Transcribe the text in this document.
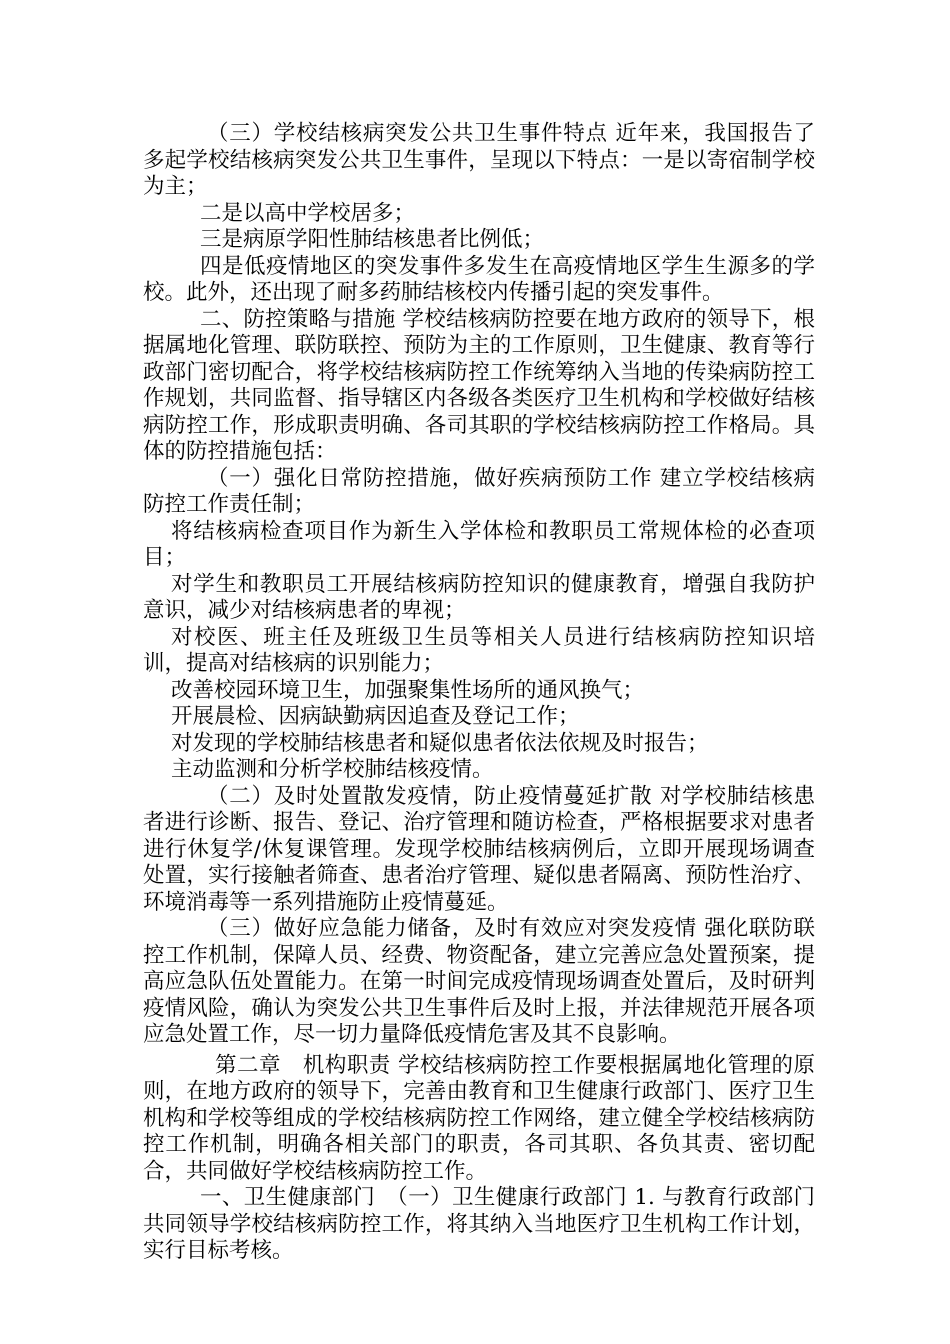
（三）学校结核病突发公共卫生事件特点 近年来，我国报告了多起学校结核病突发公共卫生事件，呈现以下特点：一是以寄宿制学校为主；

二是以高中学校居多；

三是病原学阳性肺结核患者比例低；

四是低疫情地区的突发事件多发生在高疫情地区学生生源多的学校。此外，还出现了耐多药肺结核校内传播引起的突发事件。

二、防控策略与措施 学校结核病防控要在地方政府的领导下，根据属地化管理、联防联控、预防为主的工作原则，卫生健康、教育等行政部门密切配合，将学校结核病防控工作统筹纳入当地的传染病防控工作规划，共同监督、指导辖区内各级各类医疗卫生机构和学校做好结核病防控工作，形成职责明确、各司其职的学校结核病防控工作格局。具体的防控措施包括：

（一）强化日常防控措施，做好疾病预防工作 建立学校结核病防控工作责任制；

将结核病检查项目作为新生入学体检和教职员工常规体检的必查项目；

对学生和教职员工开展结核病防控知识的健康教育，增强自我防护意识，减少对结核病患者的卑视；

对校医、班主任及班级卫生员等相关人员进行结核病防控知识培训，提高对结核病的识别能力；

改善校园环境卫生，加强聚集性场所的通风换气；

开展晨检、因病缺勤病因追查及登记工作；

对发现的学校肺结核患者和疑似患者依法依规及时报告；

主动监测和分析学校肺结核疫情。

（二）及时处置散发疫情，防止疫情蔓延扩散 对学校肺结核患者进行诊断、报告、登记、治疗管理和随访检查，严格根据要求对患者进行休复学/休复课管理。发现学校肺结核病例后，立即开展现场调查处置，实行接触者筛查、患者治疗管理、疑似患者隔离、预防性治疗、环境消毒等一系列措施防止疫情蔓延。

（三）做好应急能力储备，及时有效应对突发疫情 强化联防联控工作机制，保障人员、经费、物资配备，建立完善应急处置预案，提高应急队伍处置能力。在第一时间完成疫情现场调查处置后，及时研判疫情风险，确认为突发公共卫生事件后及时上报，并法律规范开展各项应急处置工作，尽一切力量降低疫情危害及其不良影响。

第二章　机构职责 学校结核病防控工作要根据属地化管理的原则，在地方政府的领导下，完善由教育和卫生健康行政部门、医疗卫生机构和学校等组成的学校结核病防控工作网络，建立健全学校结核病防控工作机制，明确各相关部门的职责，各司其职、各负其责、密切配合，共同做好学校结核病防控工作。

一、卫生健康部门　（一）卫生健康行政部门 1. 与教育行政部门共同领导学校结核病防控工作，将其纳入当地医疗卫生机构工作计划，实行目标考核。
